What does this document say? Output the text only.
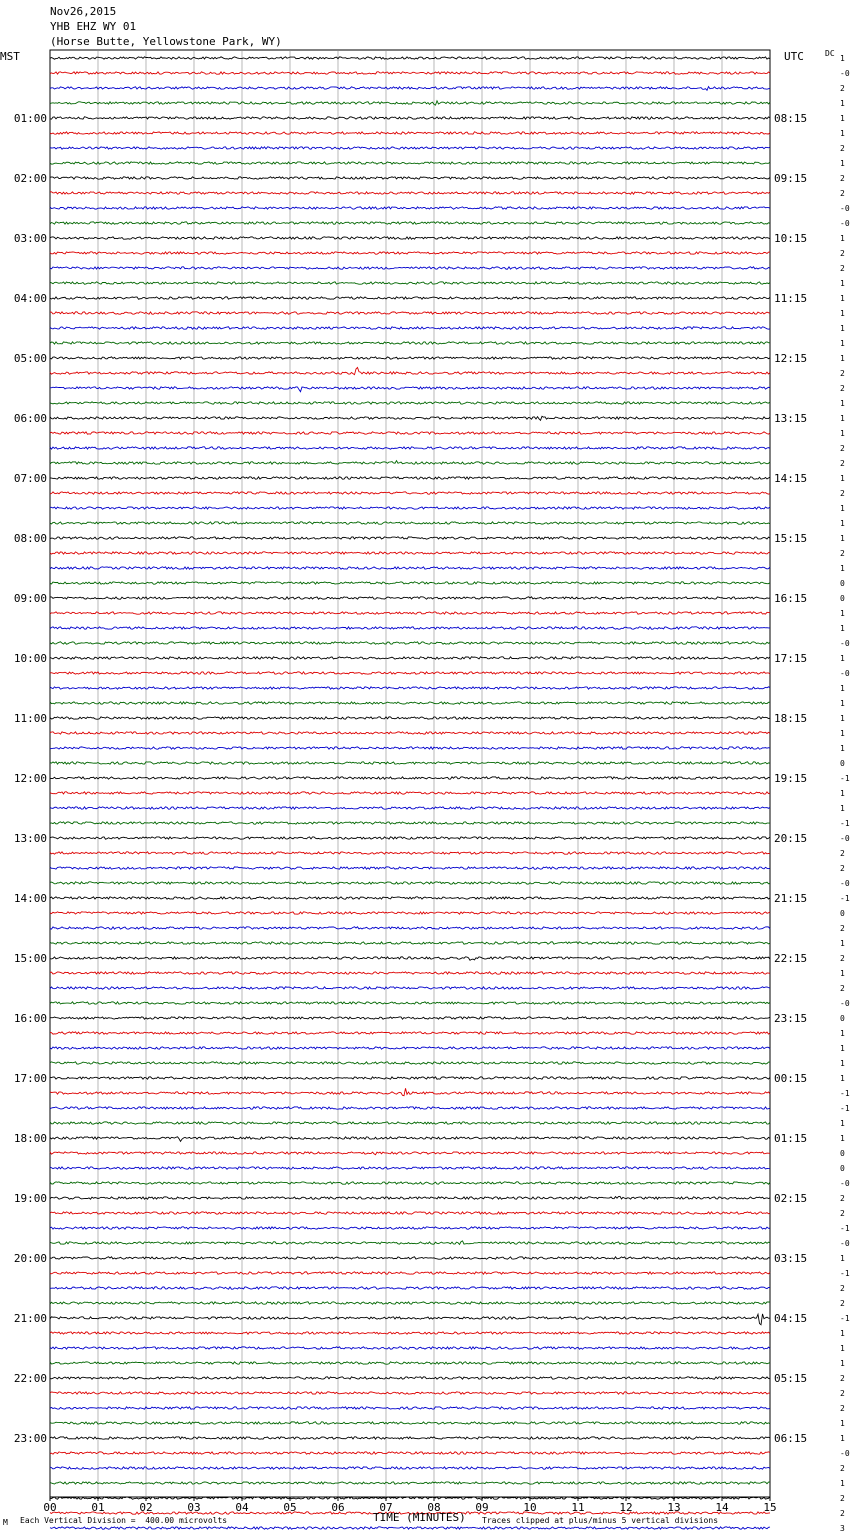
00	01	02	03	04	05	06	07	08	09	10	11	12	13	14	15
01:00
02:00
03:00
04:00
05:00
06:00
07:00
08:00
09:00
10:00
11:00
12:00
13:00
14:00
15:00
16:00
17:00
18:00
19:00
20:00
21:00
22:00
23:00
08:15
09:15
10:15
11:15
12:15
13:15
14:15
15:15
16:15
17:15
18:15
19:15
20:15
21:15
22:15
23:15
00:15
01:15
02:15
03:15
04:15
05:15
06:15
1
-0
2
1
1
1
2
1
2
2
-0
-0
1
2
2
1
1
1
1
1
1
2
2
1
1
1
2
2
1
2
1
1
1
2
1
0
0
1
1
-0
1
-0
1
1
1
1
1
0
-1
1
1
-1
-0
2
2
-0
-1
0
2
1
2
1
2
-0
0
1
1
1
1
-1
-1
1
1
0
0
-0
2
2
-1
-0
1
-1
2
2
-1
1
1
1
2
2
2
1
1
-0
2
1
2
2
3
Nov26,2015
YHB EHZ WY 01
(Horse Butte, Yellowstone Park, WY)
MST	UTC	DC
TIME (MINUTES)
M Each Vertical Division =  400.00 microvolts	Traces clipped at plus/minus 5 vertical divisions
